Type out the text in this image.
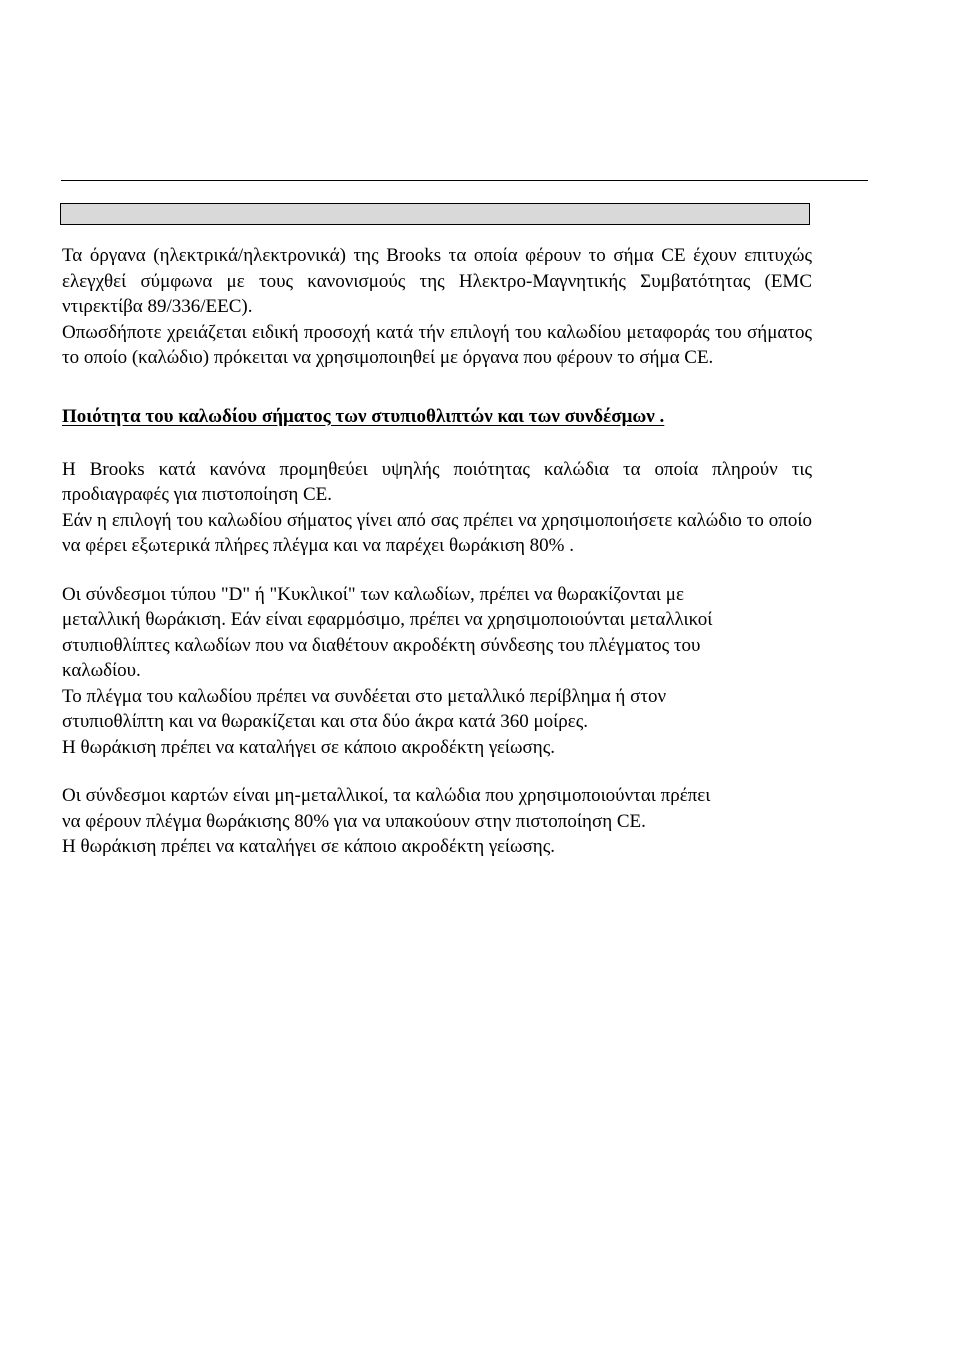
Τα όργανα (ηλεκτρικά/ηλεκτρονικά) της Brooks τα οποία φέρουν το σήμα CE έχουν επιτυχώς ελεγχθεί σύμφωνα με τους κανονισμούς της Ηλεκτρο-Μαγνητικής Συμβατότητας (EMC ντιρεκτίβα 89/336/EEC).

Οπωσδήποτε χρειάζεται ειδική προσοχή κατά τήν επιλογή του καλωδίου μεταφοράς του σήματος το οποίο (καλώδιο) πρόκειται να χρησιμοποιηθεί με όργανα που φέρουν το σήμα CE.

Ποιότητα του καλωδίου σήματος των στυπιοθλιπτών και των συνδέσμων .

Η Brooks κατά κανόνα προμηθεύει υψηλής ποιότητας καλώδια τα οποία πληρούν τις προδιαγραφές για πιστοποίηση CE.

Εάν η επιλογή του καλωδίου σήματος γίνει από σας πρέπει να χρησιμοποιήσετε καλώδιο το οποίο να φέρει εξωτερικά πλήρες πλέγμα και να παρέχει θωράκιση 80% .

Οι σύνδεσμοι τύπου "D" ή "Κυκλικοί" των καλωδίων, πρέπει να θωρακίζονται με
μεταλλική θωράκιση. Εάν είναι εφαρμόσιμο, πρέπει να χρησιμοποιούνται μεταλλικοί
στυπιοθλίπτες καλωδίων που να διαθέτουν ακροδέκτη σύνδεσης του πλέγματος του
καλωδίου.
Το πλέγμα του καλωδίου πρέπει να συνδέεται στο μεταλλικό περίβλημα ή στον
στυπιοθλίπτη και να θωρακίζεται και στα δύο άκρα κατά 360 μοίρες.
Η θωράκιση πρέπει να καταλήγει σε κάποιο ακροδέκτη γείωσης.
Οι σύνδεσμοι καρτών είναι μη-μεταλλικοί, τα καλώδια που χρησιμοποιούνται πρέπει
να φέρουν πλέγμα θωράκισης 80% για να υπακούουν στην πιστοποίηση CE.
Η θωράκιση πρέπει να καταλήγει σε κάποιο ακροδέκτη γείωσης.
